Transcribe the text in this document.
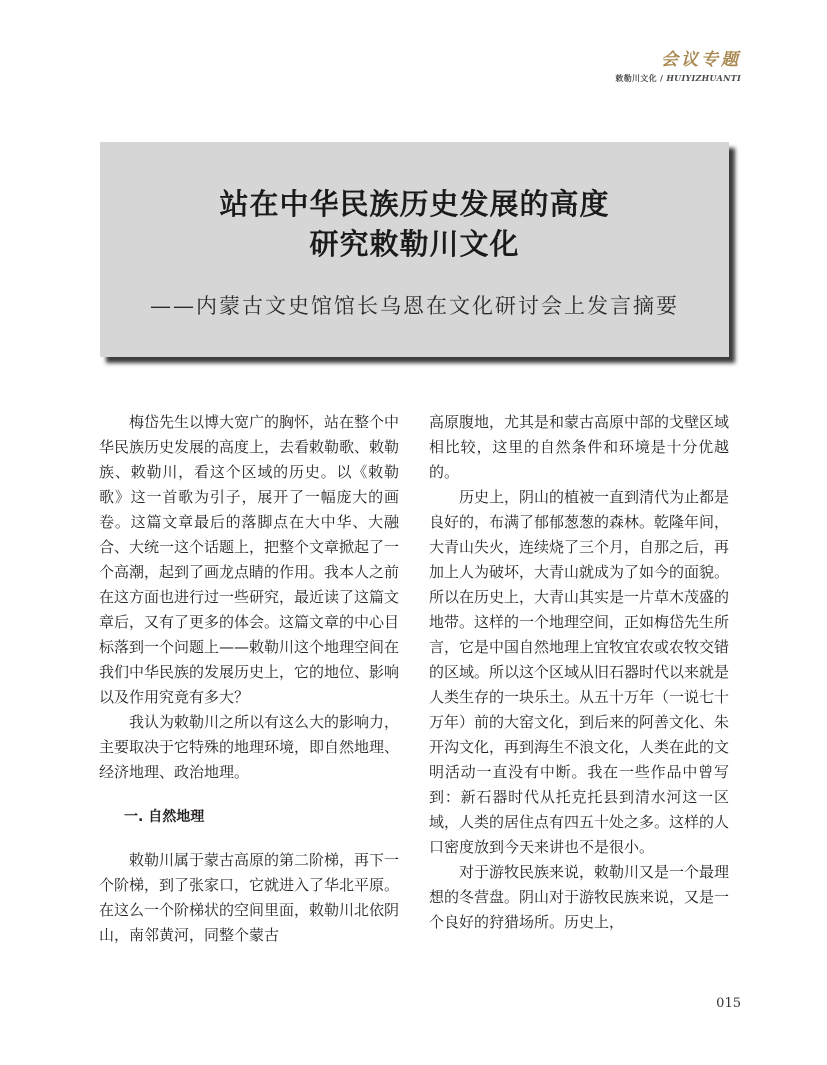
会议专题
敕勒川文化 / HUIYIZHUANTI
站在中华民族历史发展的高度
研究敕勒川文化
——内蒙古文史馆馆长乌恩在文化研讨会上发言摘要

梅岱先生以博大宽广的胸怀，站在整个中华民族历史发展的高度上，去看敕勒歌、敕勒族、敕勒川，看这个区域的历史。以《敕勒歌》这一首歌为引子，展开了一幅庞大的画卷。这篇文章最后的落脚点在大中华、大融合、大统一这个话题上，把整个文章掀起了一个高潮，起到了画龙点睛的作用。我本人之前在这方面也进行过一些研究，最近读了这篇文章后，又有了更多的体会。这篇文章的中心目标落到一个问题上——敕勒川这个地理空间在我们中华民族的发展历史上，它的地位、影响以及作用究竟有多大？

我认为敕勒川之所以有这么大的影响力，主要取决于它特殊的地理环境，即自然地理、经济地理、政治地理。

一. 自然地理

敕勒川属于蒙古高原的第二阶梯，再下一个阶梯，到了张家口，它就进入了华北平原。在这么一个阶梯状的空间里面，敕勒川北依阴山，南邻黄河，同整个蒙古

高原腹地，尤其是和蒙古高原中部的戈壁区域相比较，这里的自然条件和环境是十分优越的。

历史上，阴山的植被一直到清代为止都是良好的，布满了郁郁葱葱的森林。乾隆年间，大青山失火，连续烧了三个月，自那之后，再加上人为破坏，大青山就成为了如今的面貌。所以在历史上，大青山其实是一片草木茂盛的地带。这样的一个地理空间，正如梅岱先生所言，它是中国自然地理上宜牧宜农或农牧交错的区域。所以这个区域从旧石器时代以来就是人类生存的一块乐土。从五十万年（一说七十万年）前的大窑文化，到后来的阿善文化、朱开沟文化，再到海生不浪文化，人类在此的文明活动一直没有中断。我在一些作品中曾写到：新石器时代从托克托县到清水河这一区域，人类的居住点有四五十处之多。这样的人口密度放到今天来讲也不是很小。

对于游牧民族来说，敕勒川又是一个最理想的冬营盘。阴山对于游牧民族来说，又是一个良好的狩猎场所。历史上，

015
